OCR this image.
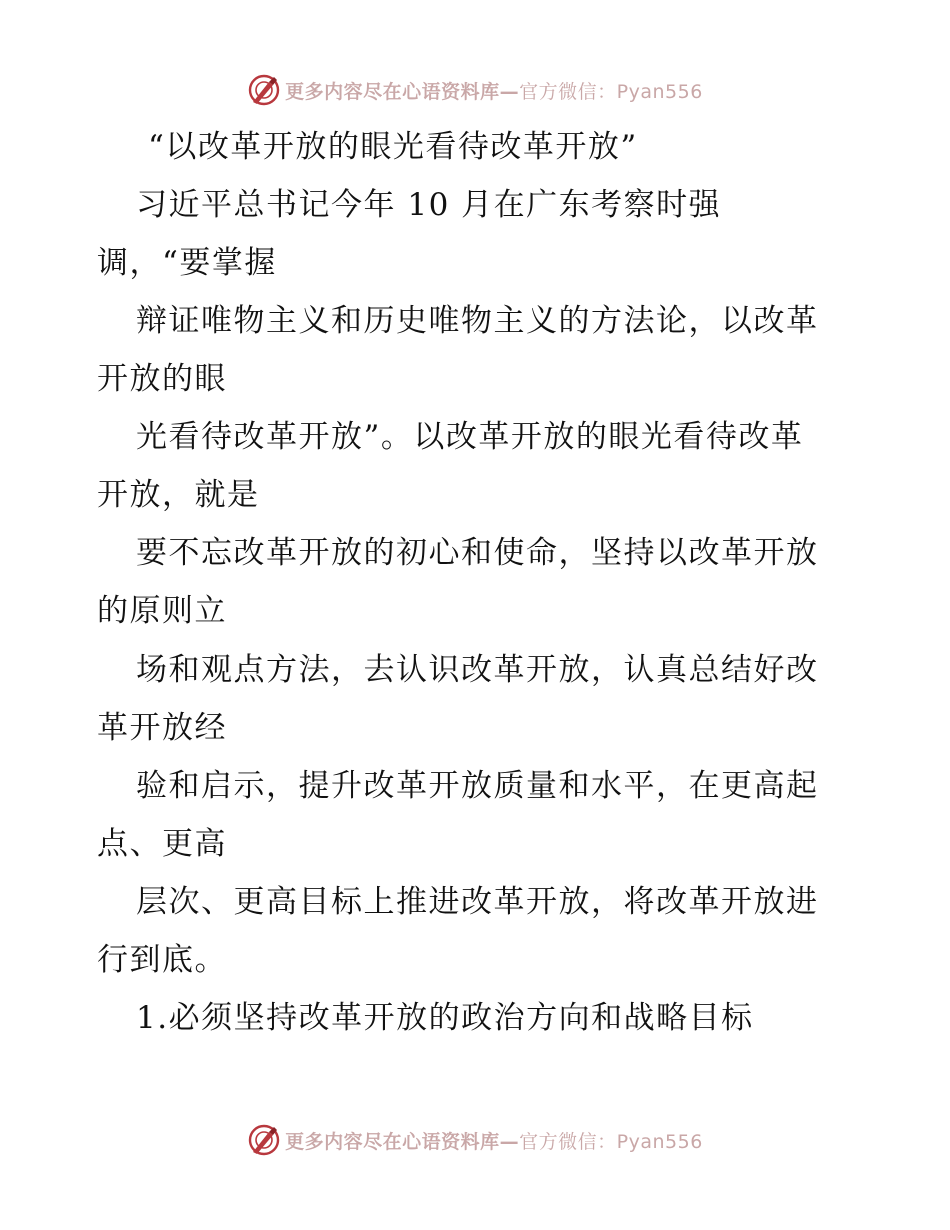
更多内容尽在心语资料库—官方微信：Pyan556
“以改革开放的眼光看待改革开放”
习近平总书记今年 10 月在广东考察时强
调，“要掌握
辩证唯物主义和历史唯物主义的方法论，以改革
开放的眼
光看待改革开放”。以改革开放的眼光看待改革
开放，就是
要不忘改革开放的初心和使命，坚持以改革开放
的原则立
场和观点方法，去认识改革开放，认真总结好改
革开放经
验和启示，提升改革开放质量和水平，在更高起
点、更高
层次、更高目标上推进改革开放，将改革开放进
行到底。
1.必须坚持改革开放的政治方向和战略目标
更多内容尽在心语资料库—官方微信：Pyan556
